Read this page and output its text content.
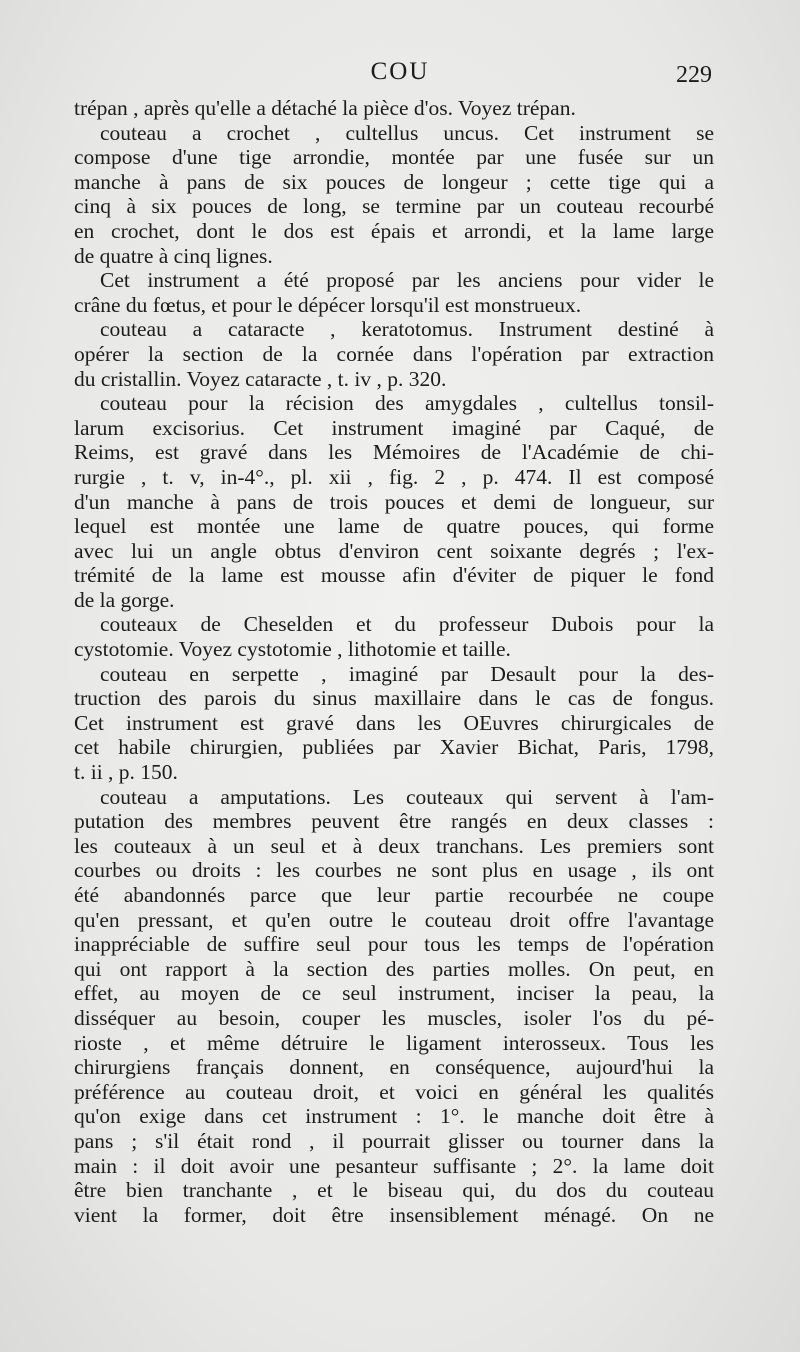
COU	229
trépan , après qu'elle a détaché la pièce d'os. Voyez trépan.
couteau a crochet , cultellus uncus. Cet instrument se
compose d'une tige arrondie, montée par une fusée sur un
manche à pans de six pouces de longeur ; cette tige qui a
cinq à six pouces de long, se termine par un couteau recourbé
en crochet, dont le dos est épais et arrondi, et la lame large
de quatre à cinq lignes.
Cet instrument a été proposé par les anciens pour vider le
crâne du fœtus, et pour le dépécer lorsqu'il est monstrueux.
couteau a cataracte , keratotomus. Instrument destiné à
opérer la section de la cornée dans l'opération par extraction
du cristallin. Voyez cataracte , t. iv , p. 320.
couteau pour la récision des amygdales , cultellus tonsil-
larum excisorius. Cet instrument imaginé par Caqué, de
Reims, est gravé dans les Mémoires de l'Académie de chi-
rurgie , t. v, in-4°., pl. xii , fig. 2 , p. 474. Il est composé
d'un manche à pans de trois pouces et demi de longueur, sur
lequel est montée une lame de quatre pouces, qui forme
avec lui un angle obtus d'environ cent soixante degrés ; l'ex-
trémité de la lame est mousse afin d'éviter de piquer le fond
de la gorge.
couteaux de Cheselden et du professeur Dubois pour la
cystotomie. Voyez cystotomie , lithotomie et taille.
couteau en serpette , imaginé par Desault pour la des-
truction des parois du sinus maxillaire dans le cas de fongus.
Cet instrument est gravé dans les OEuvres chirurgicales de
cet habile chirurgien, publiées par Xavier Bichat, Paris, 1798,
t. ii , p. 150.
couteau a amputations. Les couteaux qui servent à l'am-
putation des membres peuvent être rangés en deux classes :
les couteaux à un seul et à deux tranchans. Les premiers sont
courbes ou droits : les courbes ne sont plus en usage , ils ont
été abandonnés parce que leur partie recourbée ne coupe
qu'en pressant, et qu'en outre le couteau droit offre l'avantage
inappréciable de suffire seul pour tous les temps de l'opération
qui ont rapport à la section des parties molles. On peut, en
effet, au moyen de ce seul instrument, inciser la peau, la
disséquer au besoin, couper les muscles, isoler l'os du pé-
rioste , et même détruire le ligament interosseux. Tous les
chirurgiens français donnent, en conséquence, aujourd'hui la
préférence au couteau droit, et voici en général les qualités
qu'on exige dans cet instrument : 1°. le manche doit être à
pans ; s'il était rond , il pourrait glisser ou tourner dans la
main : il doit avoir une pesanteur suffisante ; 2°. la lame doit
être bien tranchante , et le biseau qui, du dos du couteau
vient la former, doit être insensiblement ménagé. On ne
